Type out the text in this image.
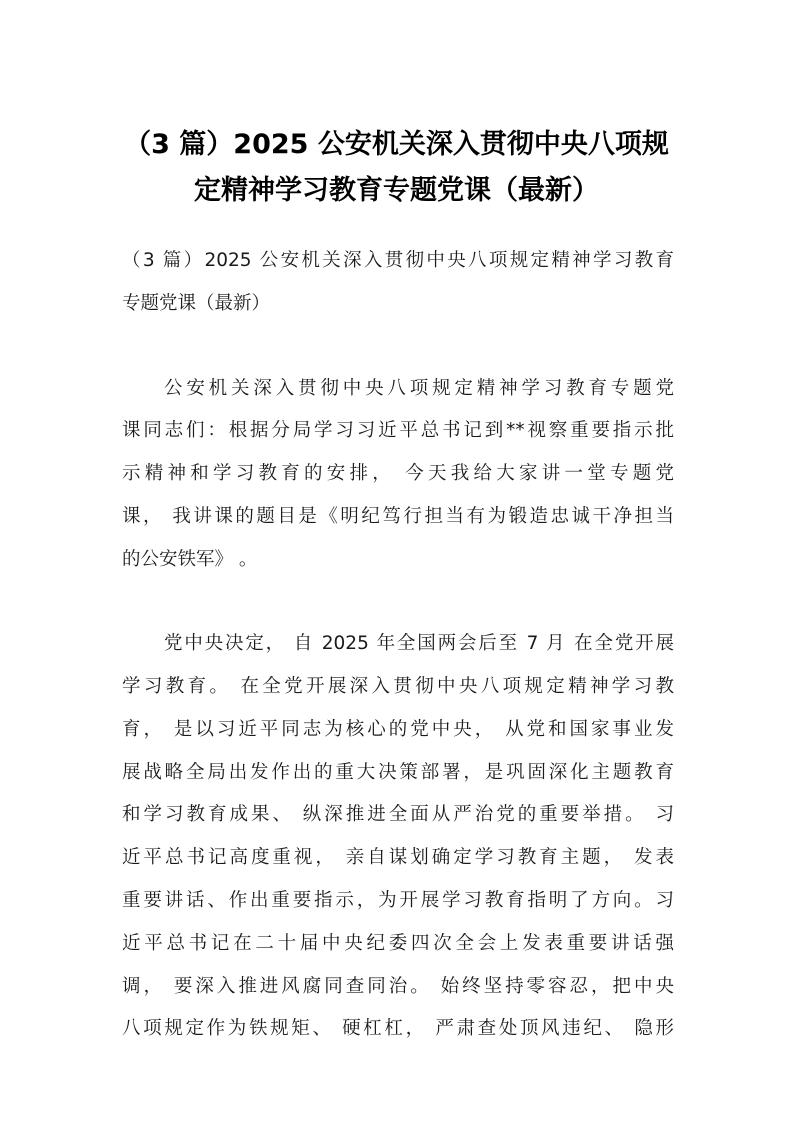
（3 篇）2025 公安机关深入贯彻中央八项规
定精神学习教育专题党课（最新）
（3 篇）2025 公安机关深入贯彻中央八项规定精神学习教育
专题党课（最新）
公安机关深入贯彻中央八项规定精神学习教育专题党
课同志们：根据分局学习习近平总书记到**视察重要指示批
示精神和学习教育的安排， 今天我给大家讲一堂专题党
课， 我讲课的题目是《明纪笃行担当有为锻造忠诚干净担当
的公安铁军》 。
党中央决定， 自 2025 年全国两会后至 7 月 在全党开展
学习教育。 在全党开展深入贯彻中央八项规定精神学习教
育， 是以习近平同志为核心的党中央， 从党和国家事业发
展战略全局出发作出的重大决策部署，是巩固深化主题教育
和学习教育成果、 纵深推进全面从严治党的重要举措。 习
近平总书记高度重视， 亲自谋划确定学习教育主题， 发表
重要讲话、作出重要指示，为开展学习教育指明了方向。习
近平总书记在二十届中央纪委四次全会上发表重要讲话强
调， 要深入推进风腐同查同治。 始终坚持零容忍，把中央
八项规定作为铁规矩、 硬杠杠， 严肃查处顶风违纪、 隐形
